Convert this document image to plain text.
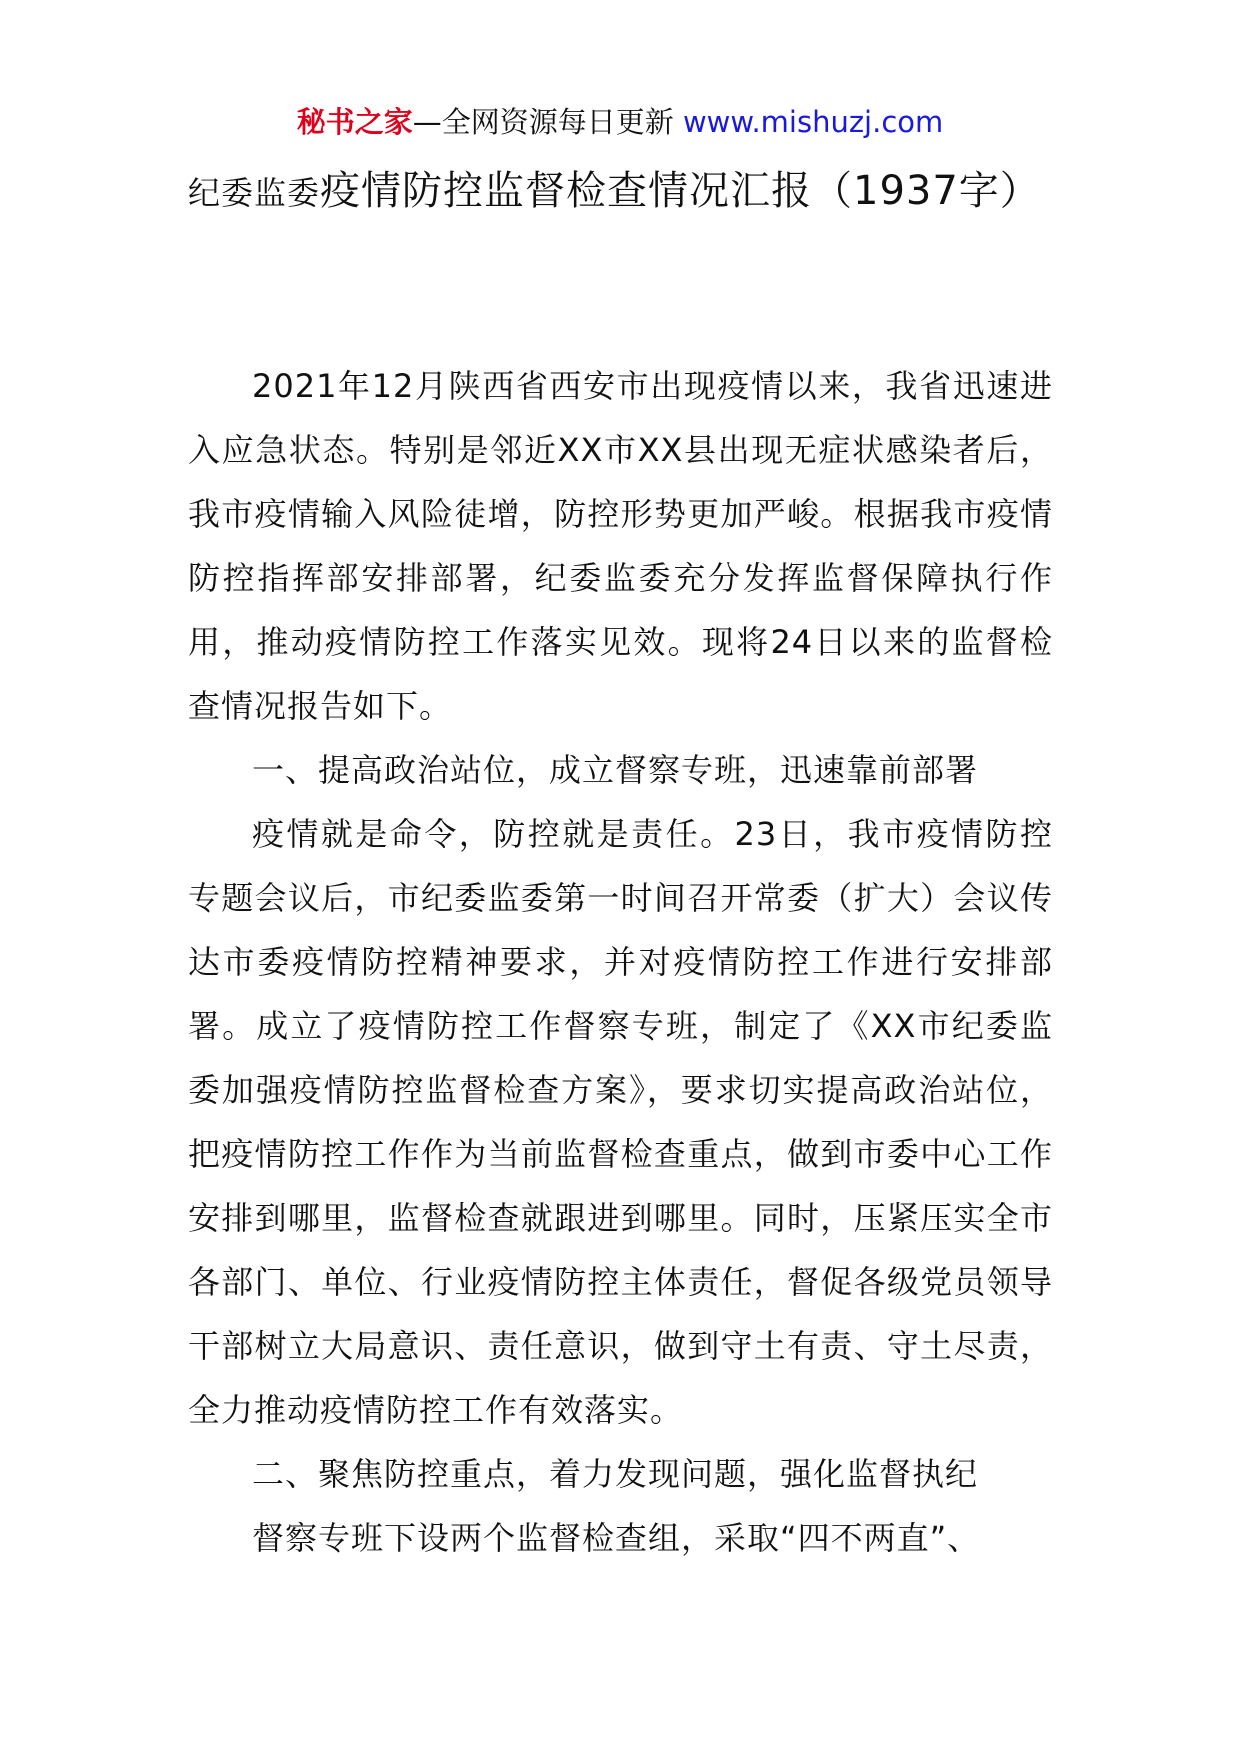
秘书之家—全网资源每日更新 www.mishuzj.com
纪委监委疫情防控监督检查情况汇报（1937字）

2021年12月陕西省西安市出现疫情以来，我省迅速进入应急状态。特别是邻近XX市XX县出现无症状感染者后，我市疫情输入风险徒增，防控形势更加严峻。根据我市疫情防控指挥部安排部署，纪委监委充分发挥监督保障执行作用，推动疫情防控工作落实见效。现将24日以来的监督检查情况报告如下。

一、提高政治站位，成立督察专班，迅速靠前部署

疫情就是命令，防控就是责任。23日，我市疫情防控专题会议后，市纪委监委第一时间召开常委（扩大）会议传达市委疫情防控精神要求，并对疫情防控工作进行安排部署。成立了疫情防控工作督察专班，制定了《XX市纪委监委加强疫情防控监督检查方案》，要求切实提高政治站位，把疫情防控工作作为当前监督检查重点，做到市委中心工作安排到哪里，监督检查就跟进到哪里。同时，压紧压实全市各部门、单位、行业疫情防控主体责任，督促各级党员领导干部树立大局意识、责任意识，做到守土有责、守土尽责，全力推动疫情防控工作有效落实。

二、聚焦防控重点，着力发现问题，强化监督执纪

督察专班下设两个监督检查组，采取“四不两直”、
